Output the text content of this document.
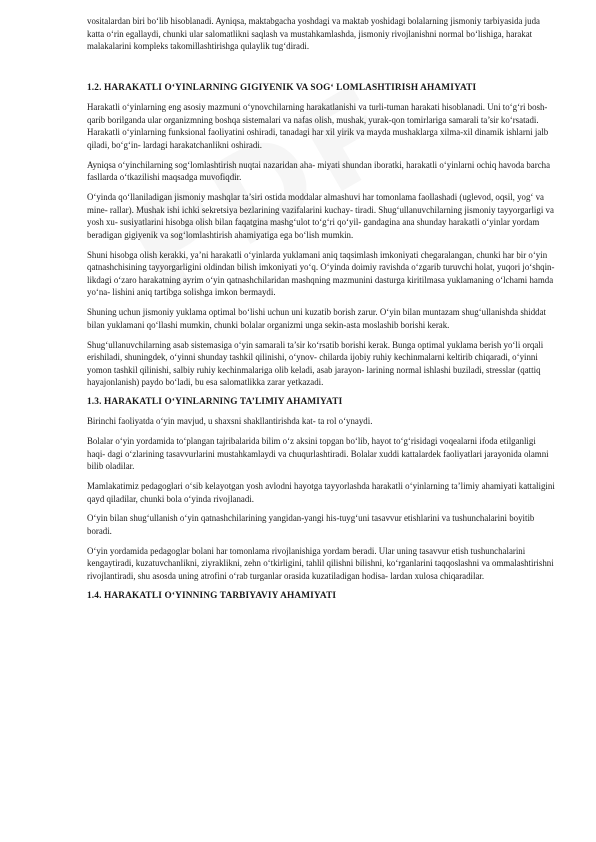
vositalardan biri bo‘lib hisoblanadi. Ayniqsa, maktabgacha yoshdagi va maktab yoshidagi bolalarning jismoniy tarbiyasida juda katta o‘rin egallaydi, chunki ular salomatlikni saqlash va mustahkamlashda, jismoniy rivojlanishni normal bo‘lishiga, harakat malakalarini kompleks takomillashtirishga qulaylik tug‘diradi.

1.2. HARAKATLI O‘YINLARNING GIGIYENIK VA SOG‘ LOMLASHTIRISH AHAMIYATI

Harakatli o‘yinlarning eng asosiy mazmuni o‘ynovchilarning harakatlanishi va turli-tuman harakati hisoblanadi. Uni to‘g‘ri bosh- qarib borilganda ular organizmning boshqa sistemalari va nafas olish, mushak, yurak-qon tomirlariga samarali ta’sir ko‘rsatadi. Harakatli o‘yinlarning funksional faoliyatini oshiradi, tanadagi har xil yirik va mayda mushaklarga xilma-xil dinamik ishlarni jalb qiladi, bo‘g‘in- lardagi harakatchanlikni oshiradi.

Ayniqsa o‘yinchilarning sog‘lomlashtirish nuqtai nazaridan aha- miyati shundan iboratki, harakatli o‘yinlarni ochiq havoda barcha fasllarda o‘tkazilishi maqsadga muvofiqdir.

O‘yinda qo‘llaniladigan jismoniy mashqlar ta’siri ostida moddalar almashuvi har tomonlama faollashadi (uglevod, oqsil, yog‘ va mine- rallar). Mushak ishi ichki sekretsiya bezlarining vazifalarini kuchay- tiradi. Shug‘ullanuvchilarning jismoniy tayyorgarligi va yosh xu- susiyatlarini hisobga olish bilan faqatgina mashg‘ulot to‘g‘ri qo‘yil- gandagina ana shunday harakatli o‘yinlar yordam beradigan gigiyenik va sog‘lomlashtirish ahamiyatiga ega bo‘lish mumkin.

Shuni hisobga olish kerakki, ya’ni harakatli o‘yinlarda yuklamani aniq taqsimlash imkoniyati chegaralangan, chunki har bir o‘yin qatnashchisining tayyorgarligini oldindan bilish imkoniyati yo‘q. O‘yinda doimiy ravishda o‘zgarib turuvchi holat, yuqori jo‘shqin- likdagi o‘zaro harakatning ayrim o‘yin qatnashchilaridan mashqning mazmunini dasturga kiritilmasa yuklamaning o‘lchami hamda yo‘na- lishini aniq tartibga solishga imkon bermaydi.

Shuning uchun jismoniy yuklama optimal bo‘lishi uchun uni kuzatib borish zarur. O‘yin bilan muntazam shug‘ullanishda shiddat bilan yuklamani qo‘llashi mumkin, chunki bolalar organizmi unga sekin-asta moslashib borishi kerak.

Shug‘ullanuvchilarning asab sistemasiga o‘yin samarali ta’sir ko‘rsatib borishi kerak. Bunga optimal yuklama berish yo‘li orqali erishiladi, shuningdek, o‘yinni shunday tashkil qilinishi, o‘ynov- chilarda ijobiy ruhiy kechinmalarni keltirib chiqaradi, o‘yinni yomon tashkil qilinishi, salbiy ruhiy kechinmalariga olib keladi, asab jarayon- larining normal ishlashi buziladi, stresslar (qattiq hayajonlanish) paydo bo‘ladi, bu esa salomatlikka zarar yetkazadi.

1.3. HARAKATLI O‘YINLARNING TA’LIMIY AHAMIYATI

Birinchi faoliyatda o‘yin mavjud, u shaxsni shakllantirishda kat- ta rol o‘ynaydi.

Bolalar o‘yin yordamida to‘plangan tajribalarida bilim o‘z aksini topgan bo‘lib, hayot to‘g‘risidagi voqealarni ifoda etilganligi haqi- dagi o‘zlarining tasavvurlarini mustahkamlaydi va chuqurlashtiradi. Bolalar xuddi kattalardek faoliyatlari jarayonida olamni bilib oladilar.

Mamlakatimiz pedagoglari o‘sib kelayotgan yosh avlodni hayotga tayyorlashda harakatli o‘yinlarning ta’limiy ahamiyati kattaligini qayd qiladilar, chunki bola o‘yinda rivojlanadi.

O‘yin bilan shug‘ullanish o‘yin qatnashchilarining yangidan-yangi his-tuyg‘uni tasavvur etishlarini va tushunchalarini boyitib boradi.

O‘yin yordamida pedagoglar bolani har tomonlama rivojlanishiga yordam beradi. Ular uning tasavvur etish tushunchalarini kengaytiradi, kuzatuvchanlikni, ziyraklikni, zehn o‘tkirligini, tahlil qilishni bilishni, ko‘rganlarini taqqoslashni va ommalashtirishni rivojlantiradi, shu asosda uning atrofini o‘rab turganlar orasida kuzatiladigan hodisa- lardan xulosa chiqaradilar.

1.4. HARAKATLI O‘YINNING TARBIYAVIY AHAMIYATI
